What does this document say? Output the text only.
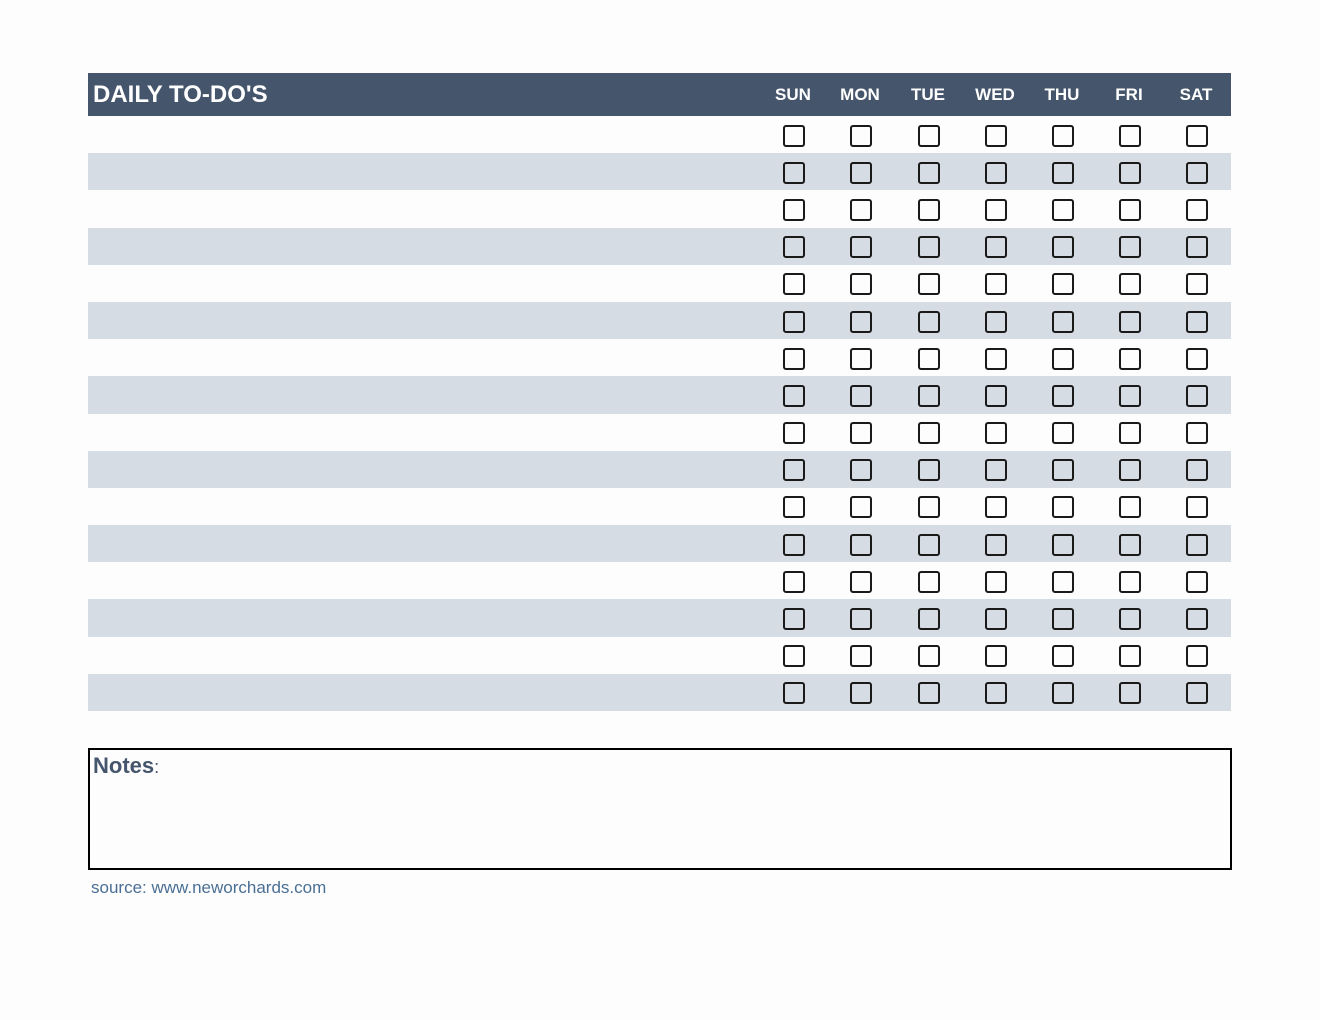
DAILY TO-DO'S	SUN	MON	TUE	WED	THU	FRI	SAT
Notes:
source: www.neworchards.com
